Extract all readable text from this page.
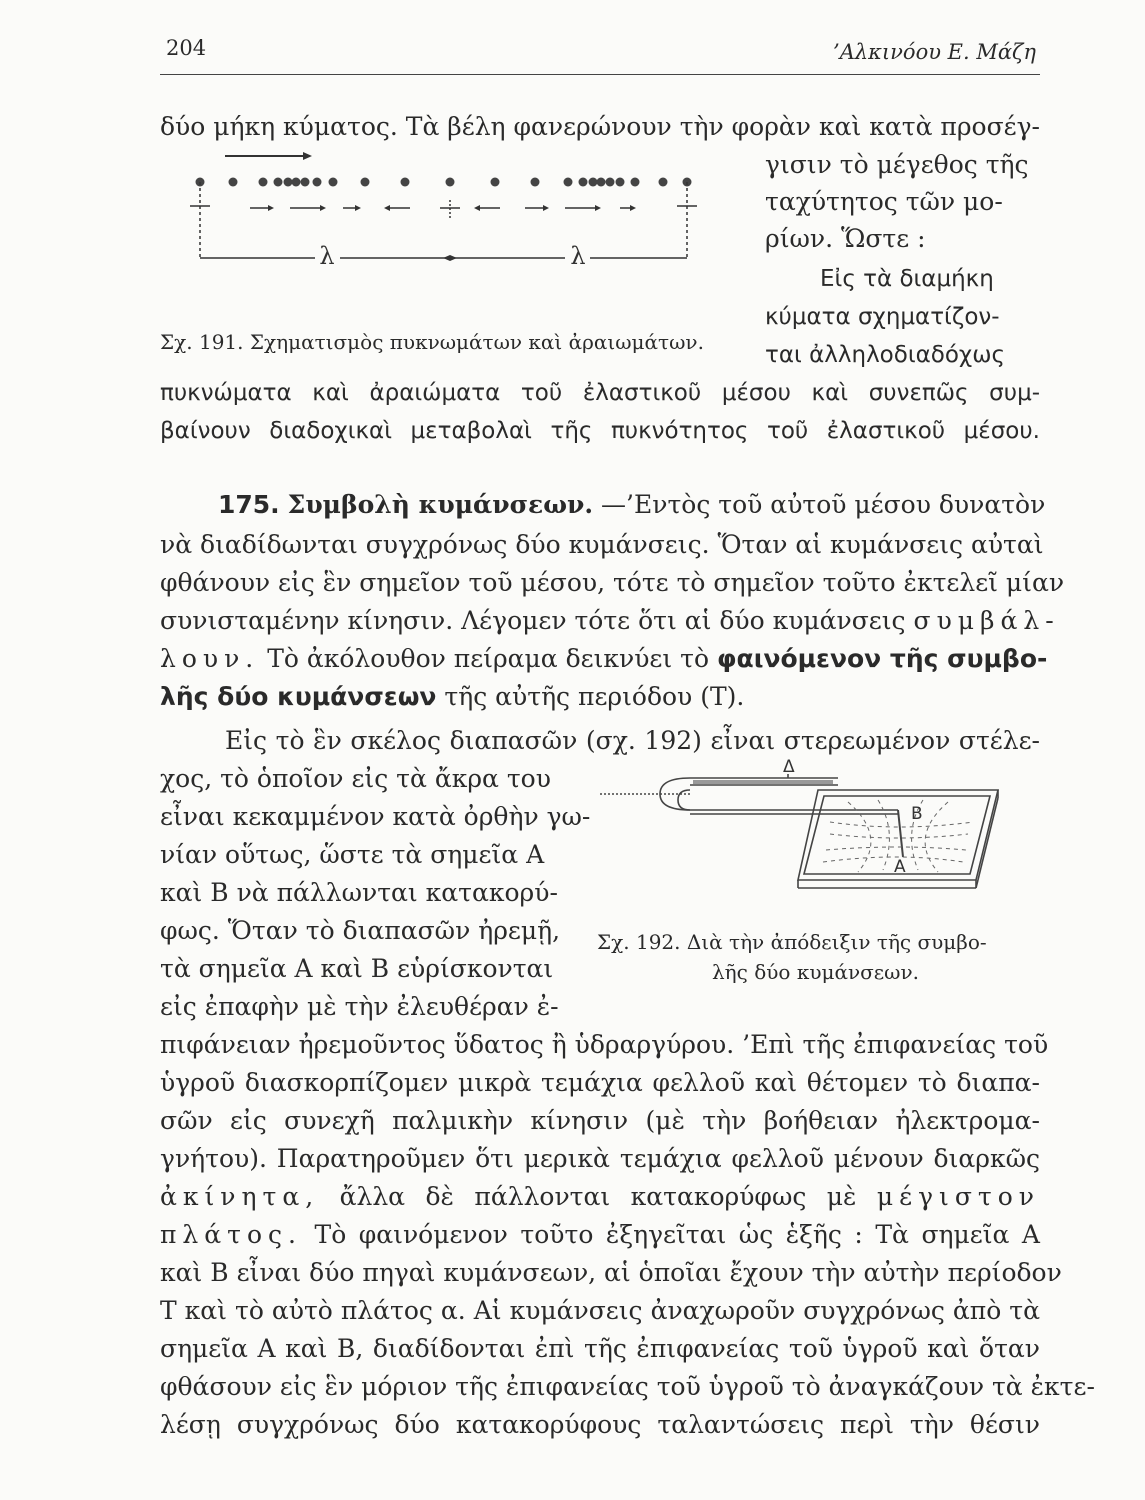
204	’Αλκινόου Ε. Μάζη
δύο μήκη κύματος. Τὰ βέλη φανερώνουν τὴν φορὰν καὶ κατὰ προσέγ-
λ	λ
γισιν τὸ μέγεθος τῆς
ταχύτητος τῶν μο-
ρίων. Ὥστε :
Εἰς τὰ διαμήκη
κύματα σχηματίζον-
Σχ. 191. Σχηματισμὸς πυκνωμάτων καὶ ἀραιωμάτων.	ται ἀλληλοδιαδόχως
πυκνώματα καὶ ἀραιώματα τοῦ ἐλαστικοῦ μέσου καὶ συνεπῶς συμ-
βαίνουν διαδοχικαὶ μεταβολαὶ τῆς πυκνότητος τοῦ ἐλαστικοῦ μέσου.
175. Συμβολὴ κυμάνσεων. —’Εντὸς τοῦ αὐτοῦ μέσου δυνατὸν
νὰ διαδίδωνται συγχρόνως δύο κυμάνσεις. Ὅταν αἱ κυμάνσεις αὐταὶ
φθάνουν εἰς ἓν σημεῖον τοῦ μέσου, τότε τὸ σημεῖον τοῦτο ἐκτελεῖ μίαν
συνισταμένην κίνησιν. Λέγομεν τότε ὅτι αἱ δύο κυμάνσεις συμβάλ-
λουν. Τὸ ἀκόλουθον πείραμα δεικνύει τὸ φαινόμενον τῆς συμβο-
λῆς δύο κυμάνσεων τῆς αὐτῆς περιόδου (Τ).
Εἰς τὸ ἓν σκέλος διαπασῶν (σχ. 192) εἶναι στερεωμένον στέλε-
χος, τὸ ὁποῖον εἰς τὰ ἄκρα του
εἶναι κεκαμμένον κατὰ ὀρθὴν γω-
νίαν οὕτως, ὥστε τὰ σημεῖα Α
καὶ Β νὰ πάλλωνται κατακορύ-
φως. Ὅταν τὸ διαπασῶν ἠρεμῇ,
τὰ σημεῖα Α καὶ Β εὑρίσκονται
εἰς ἐπαφὴν μὲ τὴν ἐλευθέραν ἐ-
Δ
Β
Α
Σχ. 192. Διὰ τὴν ἀπόδειξιν τῆς συμβο-
λῆς δύο κυμάνσεων.
πιφάνειαν ἠρεμοῦντος ὕδατος ἢ ὑδραργύρου. ’Επὶ τῆς ἐπιφανείας τοῦ
ὑγροῦ διασκορπίζομεν μικρὰ τεμάχια φελλοῦ καὶ θέτομεν τὸ διαπα-
σῶν εἰς συνεχῆ παλμικὴν κίνησιν (μὲ τὴν βοήθειαν ἠλεκτρομα-
γνήτου). Παρατηροῦμεν ὅτι μερικὰ τεμάχια φελλοῦ μένουν διαρκῶς
ἀκίνητα, ἄλλα δὲ πάλλονται κατακορύφως μὲ μέγιστον
πλάτος. Τὸ φαινόμενον τοῦτο ἐξηγεῖται ὡς ἑξῆς : Τὰ σημεῖα Α
καὶ Β εἶναι δύο πηγαὶ κυμάνσεων, αἱ ὁποῖαι ἔχουν τὴν αὐτὴν περίοδον
Τ καὶ τὸ αὐτὸ πλάτος α. Αἱ κυμάνσεις ἀναχωροῦν συγχρόνως ἀπὸ τὰ
σημεῖα Α καὶ Β, διαδίδονται ἐπὶ τῆς ἐπιφανείας τοῦ ὑγροῦ καὶ ὅταν
φθάσουν εἰς ἓν μόριον τῆς ἐπιφανείας τοῦ ὑγροῦ τὸ ἀναγκάζουν τὰ ἐκτε-
λέσῃ συγχρόνως δύο κατακορύφους ταλαντώσεις περὶ τὴν θέσιν
